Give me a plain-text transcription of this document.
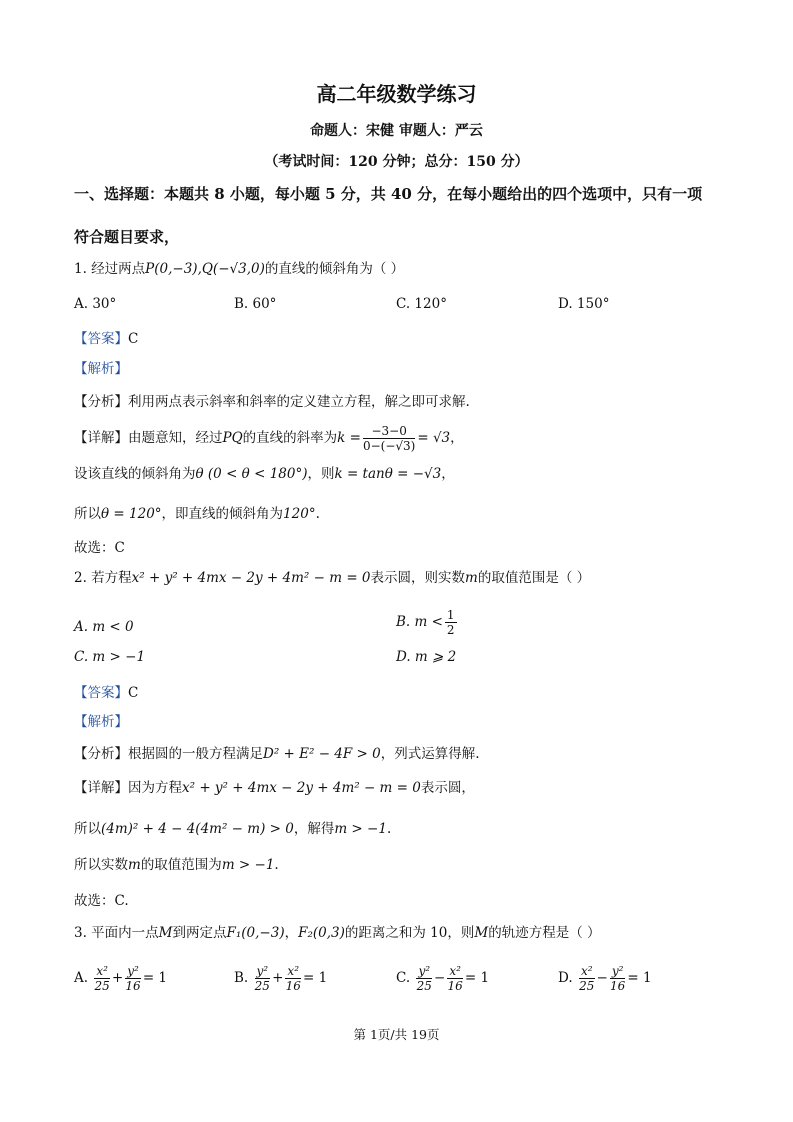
高二年级数学练习
命题人：宋健 审题人：严云
（考试时间：120 分钟；总分：150 分）
一、选择题：本题共 8 小题，每小题 5 分，共 40 分，在每小题给出的四个选项中，只有一项
符合题目要求，
1. 经过两点P(0,−3),Q(−√3,0)的直线的倾斜角为（ ）
A. 30°	B. 60°	C. 120°	D. 150°
【答案】C
【解析】
【分析】利用两点表示斜率和斜率的定义建立方程，解之即可求解.
【详解】由题意知，经过PQ的直线的斜率为$k = \frac{-3-0}{0-(-√3)} = √3$，
设该直线的倾斜角为θ (0 < θ < 180°)，则k = tanθ = −√3，
所以θ = 120°，即直线的倾斜角为120°.
故选：C
2. 若方程x² + y² + 4mx − 2y + 4m² − m = 0表示圆，则实数m的取值范围是（ ）
A. m < 0	B. $m < \frac{1}{2}$
C. m > −1	D. m ⩾ 2
【答案】C
【解析】
【分析】根据圆的一般方程满足D² + E² − 4F > 0，列式运算得解.
【详解】因为方程x² + y² + 4mx − 2y + 4m² − m = 0表示圆，
所以(4m)² + 4 − 4(4m² − m) > 0，解得m > −1.
所以实数m的取值范围为m > −1.
故选：C.
3. 平面内一点M到两定点F₁(0,−3)，F₂(0,3)的距离之和为 10，则M的轨迹方程是（ ）
A. $\frac{\text{x²}}{25} + \frac{\text{y²}}{16} = 1$	B. $\frac{\text{y²}}{25} + \frac{\text{x²}}{16} = 1$	C. $\frac{\text{y²}}{25} - \frac{\text{x²}}{16} = 1$	D. $\frac{\text{x²}}{25} - \frac{\text{y²}}{16} = 1$
第 1页/共 19页
